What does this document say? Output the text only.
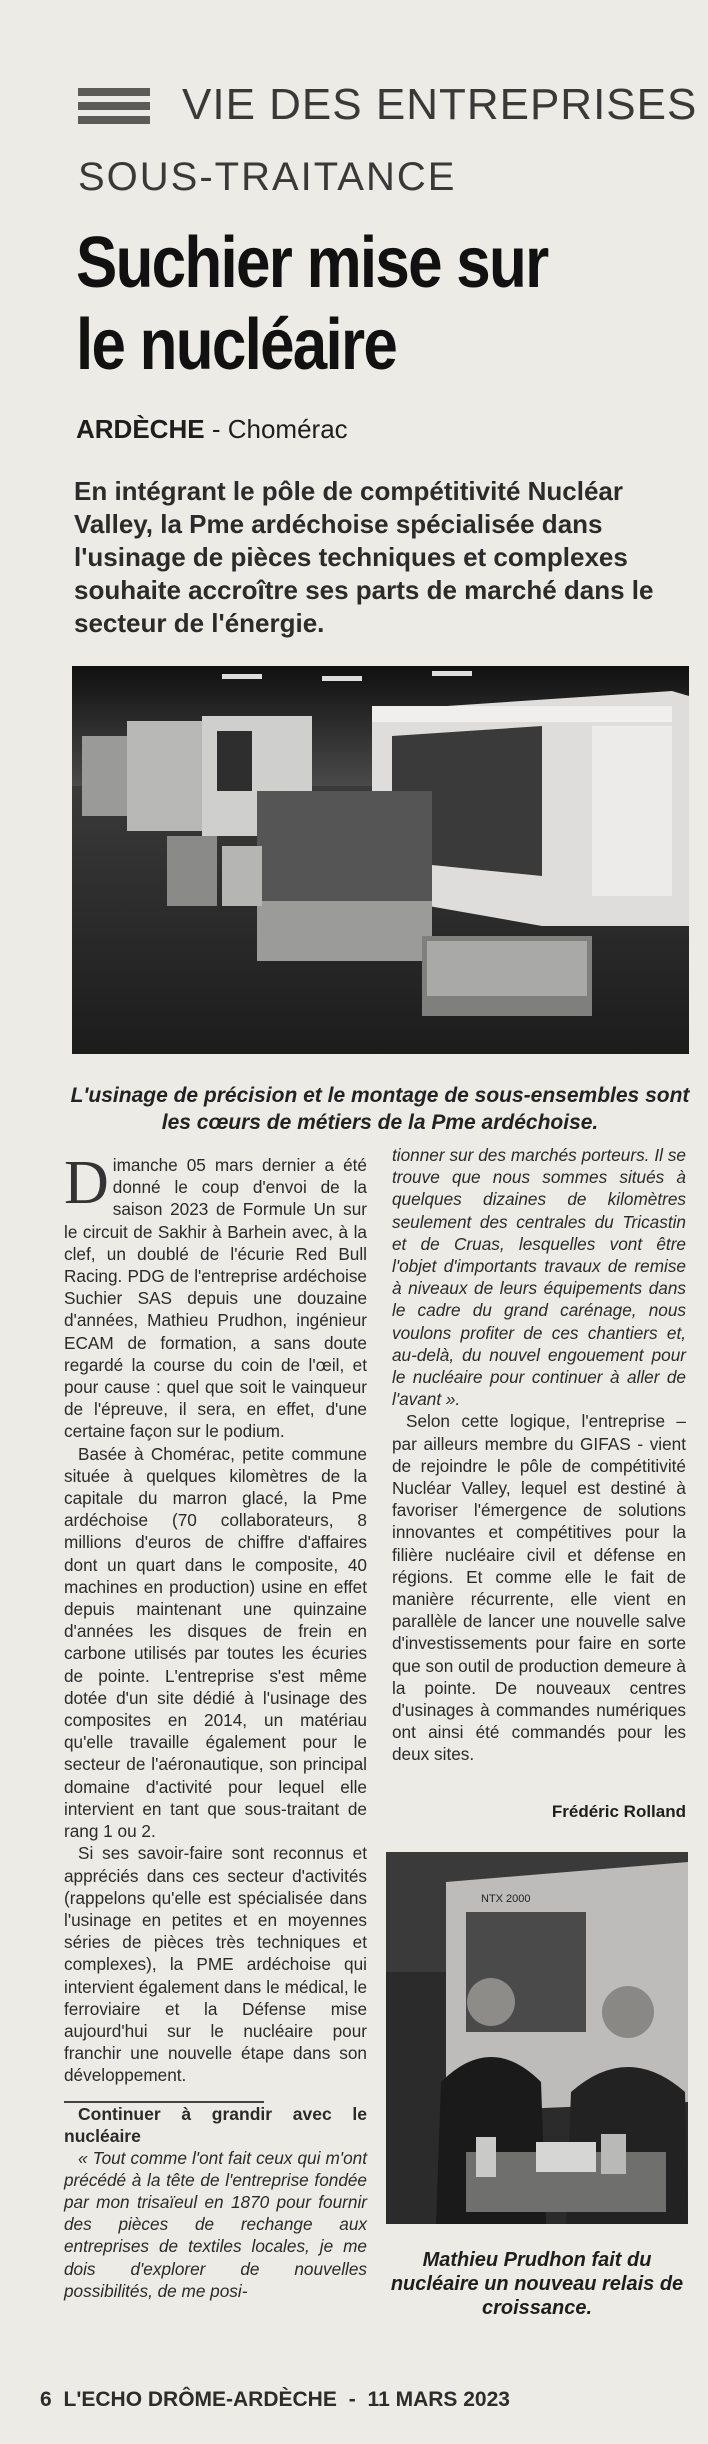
VIE DES ENTREPRISES
SOUS-TRAITANCE
Suchier mise sur
le nucléaire
ARDÈCHE - Chomérac
En intégrant le pôle de compétitivité Nucléar Valley, la Pme ardéchoise spécialisée dans l'usinage de pièces techniques et complexes souhaite accroître ses parts de marché dans le secteur de l'énergie.
L'usinage de précision et le montage de sous-ensembles sont les cœurs de métiers de la Pme ardéchoise.

Dimanche 05 mars dernier a été donné le coup d'envoi de la saison 2023 de Formule Un sur le circuit de Sakhir à Barhein avec, à la clef, un doublé de l'écurie Red Bull Racing. PDG de l'entreprise ardéchoise Suchier SAS depuis une douzaine d'années, Mathieu Prudhon, ingénieur ECAM de formation, a sans doute regardé la course du coin de l'œil, et pour cause : quel que soit le vainqueur de l'épreuve, il sera, en effet, d'une certaine façon sur le podium.

Basée à Chomérac, petite commune située à quelques kilomètres de la capitale du marron glacé, la Pme ardéchoise (70 collaborateurs, 8 millions d'euros de chiffre d'affaires dont un quart dans le composite, 40 machines en production) usine en effet depuis maintenant une quinzaine d'années les disques de frein en carbone utilisés par toutes les écuries de pointe. L'entreprise s'est même dotée d'un site dédié à l'usinage des composites en 2014, un matériau qu'elle travaille également pour le secteur de l'aéronautique, son principal domaine d'activité pour lequel elle intervient en tant que sous-traitant de rang 1 ou 2.

Si ses savoir-faire sont reconnus et appréciés dans ces secteur d'activités (rappelons qu'elle est spécialisée dans l'usinage en petites et en moyennes séries de pièces très techniques et complexes), la PME ardéchoise qui intervient également dans le médical, le ferroviaire et la Défense mise aujourd'hui sur le nucléaire pour franchir une nouvelle étape dans son développement.

Continuer à grandir avec le nucléaire

« Tout comme l'ont fait ceux qui m'ont précédé à la tête de l'entreprise fondée par mon trisaïeul en 1870 pour fournir des pièces de rechange aux entreprises de textiles locales, je me dois d'explorer de nouvelles possibilités, de me posi-

tionner sur des marchés porteurs. Il se trouve que nous sommes situés à quelques dizaines de kilomètres seulement des centrales du Tricastin et de Cruas, lesquelles vont être l'objet d'importants travaux de remise à niveaux de leurs équipements dans le cadre du grand carénage, nous voulons profiter de ces chantiers et, au-delà, du nouvel engouement pour le nucléaire pour continuer à aller de l'avant ».

Selon cette logique, l'entreprise – par ailleurs membre du GIFAS - vient de rejoindre le pôle de compétitivité Nucléar Valley, lequel est destiné à favoriser l'émergence de solutions innovantes et compétitives pour la filière nucléaire civil et défense en régions. Et comme elle le fait de manière récurrente, elle vient en parallèle de lancer une nouvelle salve d'investissements pour faire en sorte que son outil de production demeure à la pointe. De nouveaux centres d'usinages à commandes numériques ont ainsi été commandés pour les deux sites.

Frédéric Rolland
NTX 2000
Mathieu Prudhon fait du nucléaire un nouveau relais de croissance.
6 L'ECHO DRÔME-ARDÈCHE - 11 MARS 2023
